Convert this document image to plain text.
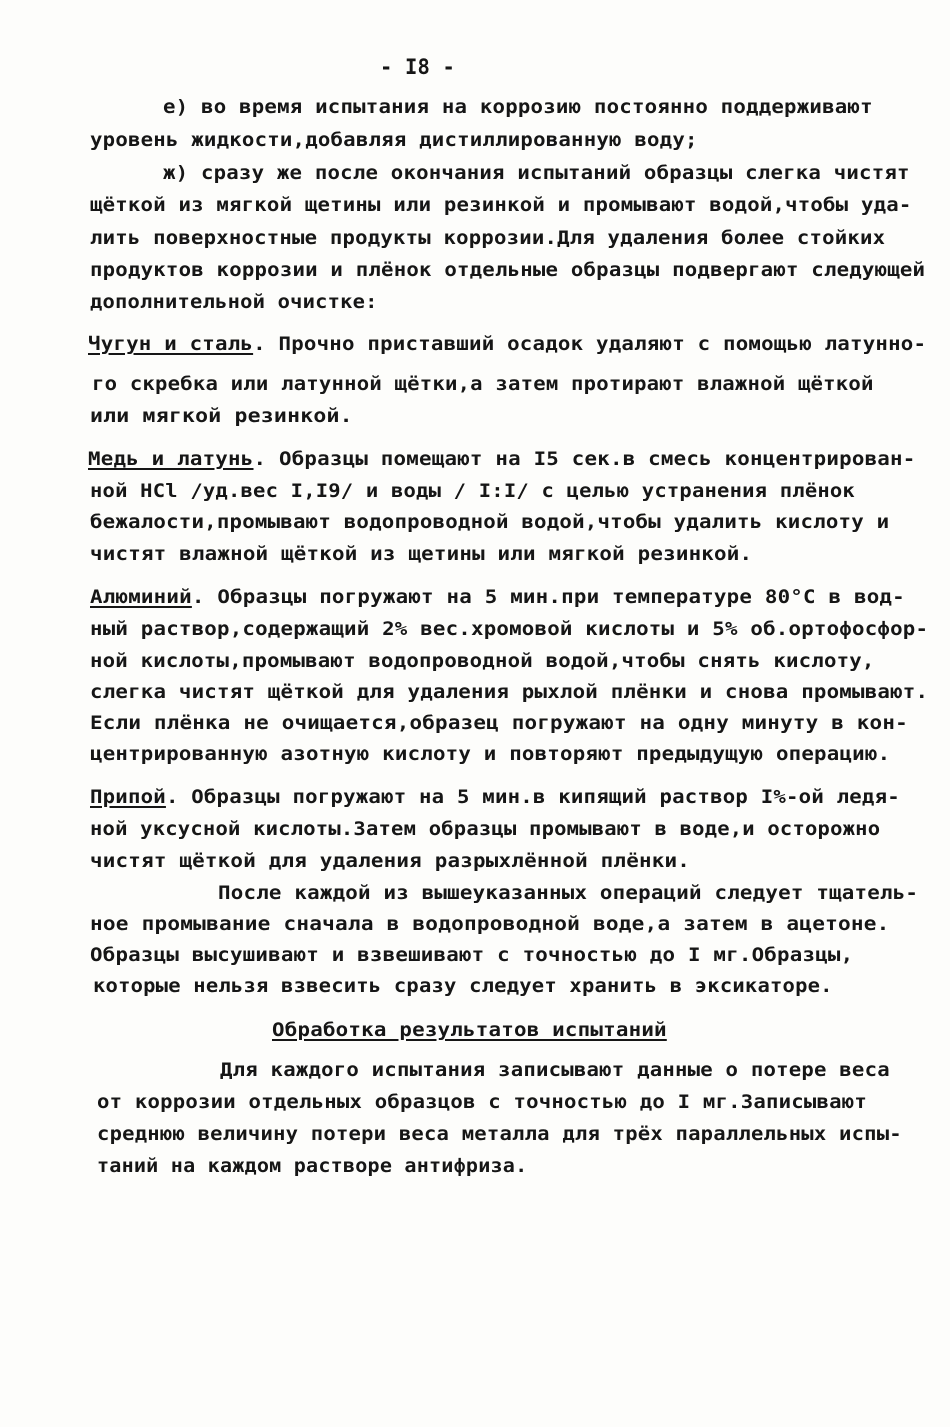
- I8 -
е) во время испытания на коррозию постоянно поддерживают
уровень жидкости,добавляя дистиллированную воду;
ж) сразу же после окончания испытаний образцы слегка чистят
щёткой из мягкой щетины или резинкой и промывают водой,чтобы уда-
лить поверхностные продукты коррозии.Для удаления более стойких
продуктов коррозии и плёнок отдельные образцы подвергают следующей
дополнительной очистке:
Чугун и сталь. Прочно приставший осадок удаляют с помощью латунно-
го скребка или латунной щётки,а затем протирают влажной щёткой
или мягкой резинкой.
Медь и латунь. Образцы помещают на I5 сек.в смесь концентрирован-
ной HCl /уд.вес I,I9/ и воды / I:I/ с целью устранения плёнок
бежалости,промывают водопроводной водой,чтобы удалить кислоту и
чистят влажной щёткой из щетины или мягкой резинкой.
Алюминий. Образцы погружают на 5 мин.при температуре 80°С в вод-
ный раствор,содержащий 2% вес.хромовой кислоты и 5% об.ортофосфор-
ной кислоты,промывают водопроводной водой,чтобы снять кислоту,
слегка чистят щёткой для удаления рыхлой плёнки и снова промывают.
Если плёнка не очищается,образец погружают на одну минуту в кон-
центрированную азотную кислоту и повторяют предыдущую операцию.
Припой. Образцы погружают на 5 мин.в кипящий раствор I%-ой ледя-
ной уксусной кислоты.Затем образцы промывают в воде,и осторожно
чистят щёткой для удаления разрыхлённой плёнки.
После каждой из вышеуказанных операций следует тщатель-
ное промывание сначала в водопроводной воде,а затем в ацетоне.
Образцы высушивают и взвешивают с точностью до I мг.Образцы,
которые нельзя взвесить сразу следует хранить в эксикаторе.
Обработка результатов испытаний
Для каждого испытания записывают данные о потере веса
от коррозии отдельных образцов с точностью до I мг.Записывают
среднюю величину потери веса металла для трёх параллельных испы-
таний на каждом растворе антифриза.
